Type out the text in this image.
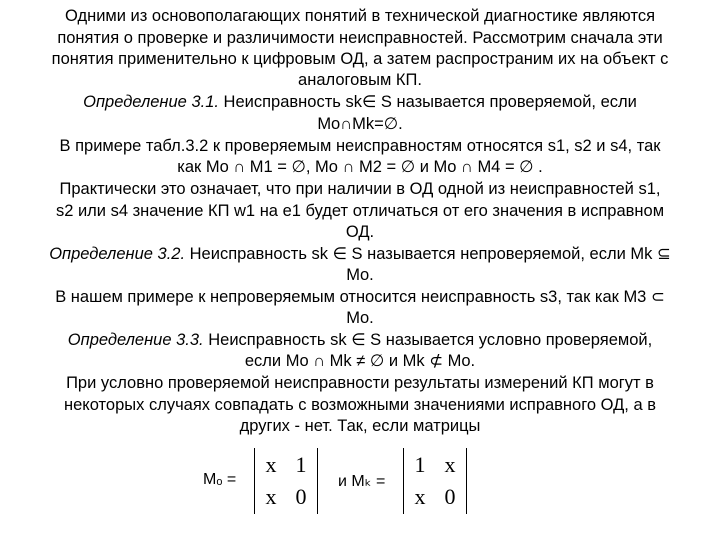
Одними из основополагающих понятий в технической диагностике являются
понятия о проверке и различимости неисправностей. Рассмотрим сначала эти
понятия применительно к цифровым ОД, а затем распространим их на объект с
аналоговым КП.
Определение 3.1. Неисправность sk∈ S называется проверяемой, если
Mo∩Mk=∅.
В примере табл.3.2 к проверяемым неисправностям относятся s1, s2 и s4, так
как Mo ∩ M1 = ∅, Mo ∩ M2 = ∅ и Mo ∩ M4 = ∅ .
Практически это означает, что при наличии в ОД одной из неисправностей s1,
s2 или s4 значение КП w1 на e1 будет отличаться от его значения в исправном
ОД.
Определение 3.2. Неисправность sk ∈ S называется непроверяемой, если Mk ⊆
Mo.
В нашем примере к непроверяемым относится неисправность s3, так как M3 ⊂
Mo.
Определение 3.3. Неисправность sk ∈ S называется условно проверяемой,
если Mo ∩ Mk ≠ ∅ и Mk ⊄ Mo.
При условно проверяемой неисправности результаты измерений КП могут в
некоторых случаях совпадать с возможными значениями исправного ОД, а в
других - нет. Так, если матрицы
Mₒ =
x 1
x 0
и Mₖ =
1 x
x 0
